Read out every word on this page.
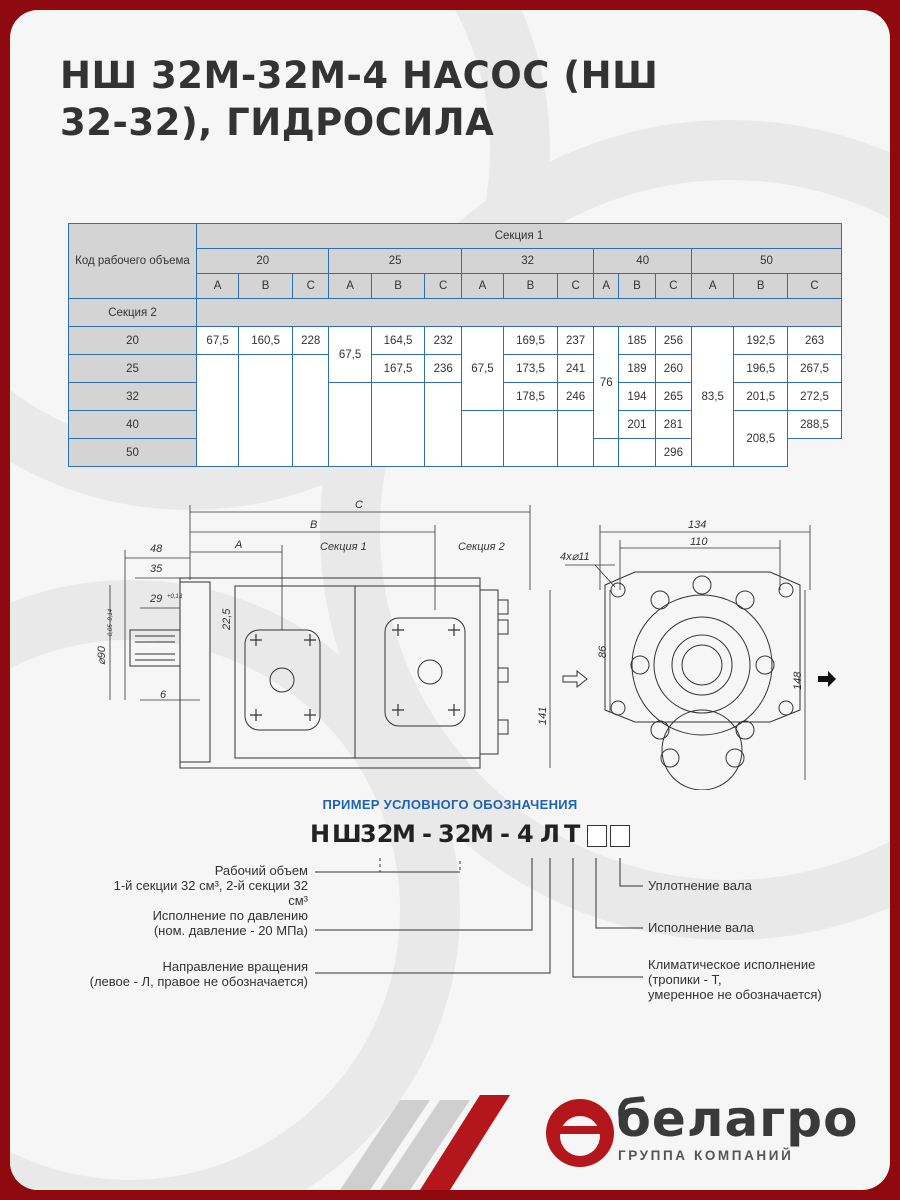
НШ 32М-32М-4 НАСОС (НШ 32-32), ГИДРОСИЛА
Код рабочего объема	Секция 1														
	20			25			32			40			50		
	A	B	C	A	B	C	A	B	C	A	B	C	A	B	C
Секция 2															
20	67,5	160,5	228	67,5	164,5	232	67,5	169,5	237	76	185	256	83,5	192,5	263
25					167,5	236		173,5	241		189	260		196,5	267,5
32								178,5	246		194	265		201,5	272,5
40											201	281		208,5	288,5
50												296			
C
B
A
48
35
29 +0,13
6
134
110
4x⌀11
Секция 1	Секция 2
⌀90
-0,05 -0,14	22,5
141
86
148
ПРИМЕР УСЛОВНОГО ОБОЗНАЧЕНИЯ
Н Ш
32
М - 32
М - 4 Л Т
Рабочий объем
1-й секции 32 см³, 2-й секции 32 см³
Исполнение по давлению
(ном. давление - 20 МПа)
Направление вращения
(левое - Л, правое не обозначается)
Уплотнение вала
Исполнение вала
Климатическое исполнение
(тропики - Т,
умеренное не обозначается)
белагро
ГРУППА КОМПАНИЙ
